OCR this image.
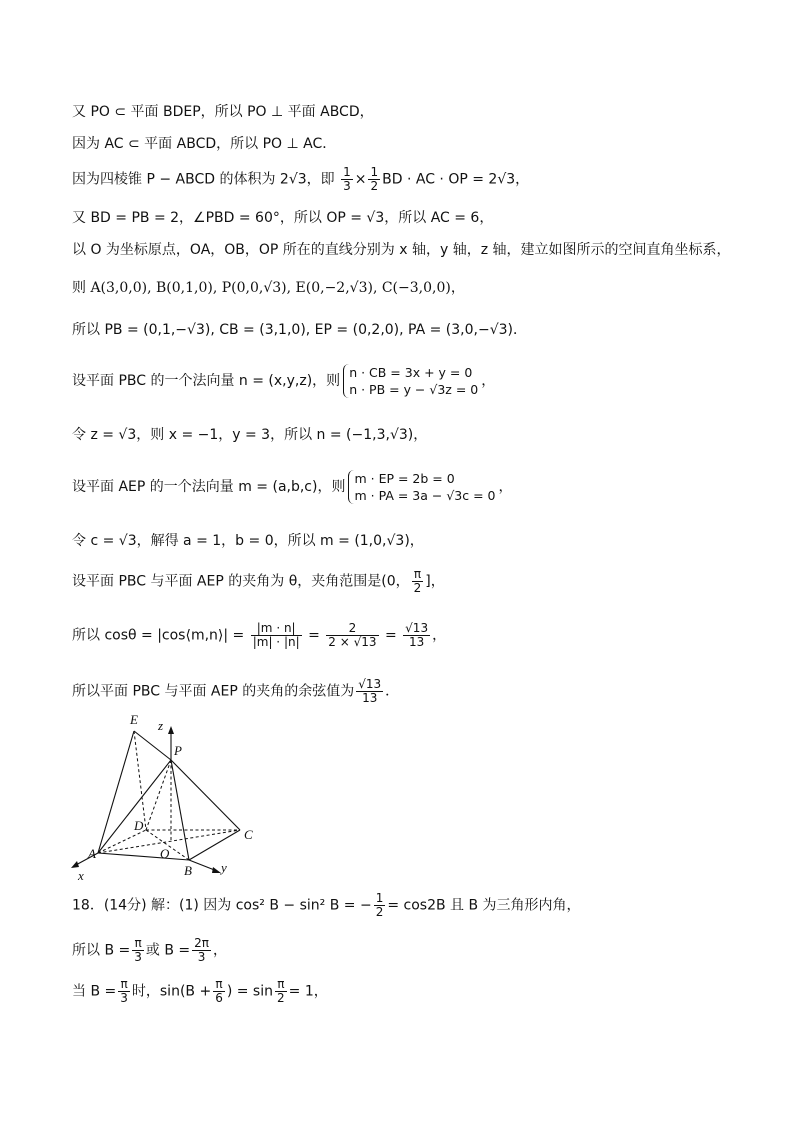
又 PO ⊂ 平面 BDEP，所以 PO ⊥ 平面 ABCD，
因为 AC ⊂ 平面 ABCD，所以 PO ⊥ AC．
因为四棱锥 P − ABCD 的体积为 2√3，即 $\frac{1}{3} \times \frac{1}{2}$ BD · AC · OP = 2√3，
又 BD = PB = 2，∠PBD = 60°，所以 OP = √3，所以 AC = 6，
以 O 为坐标原点，OA，OB，OP 所在的直线分别为 x 轴，y 轴，z 轴，建立如图所示的空间直角坐标系，
则 A(3,0,0), B(0,1,0), P(0,0,√3), E(0,−2,√3), C(−3,0,0)，
所以 PB = (0,1,−√3), CB = (3,1,0), EP = (0,2,0), PA = (3,0,−√3)．
设平面 PBC 的一个法向量 n = (x,y,z)，则
n · CB = 3x + y = 0
n · PB = y − √3z = 0
，
令 z = √3，则 x = −1，y = 3，所以 n = (−1,3,√3)，
设平面 AEP 的一个法向量 m = (a,b,c)，则
m · EP = 2b = 0
m · PA = 3a − √3c = 0
，
令 c = √3，解得 a = 1，b = 0，所以 m = (1,0,√3)，
设平面 PBC 与平面 AEP 的夹角为 θ，夹角范围是(0， $\frac{\pi}{2}$ ]，
所以 cosθ = |cos⟨m,n⟩| = $\frac{|m \cdot n|}{|m| \cdot |n|} = \frac{2}{2 \times √13} = \frac{√13}{13}$ ，
所以平面 PBC 与平面 AEP 的夹角的余弦值为 $\frac{√13}{13}$ ．
E z
P
D
C
A	O
B
x
y
18．(14分) 解：(1) 因为 cos² B − sin² B = − $\frac{1}{2} = \cos 2B$ 且 B 为三角形内角，
所以 $B = \frac{\pi}{3}$ 或 $B = \frac{2\pi}{3}$ ，
当 $B = \frac{\pi}{3}$ 时，$\sin(B + \frac{\pi}{6}$ ) = $\sin \frac{\pi}{2} = 1$，
